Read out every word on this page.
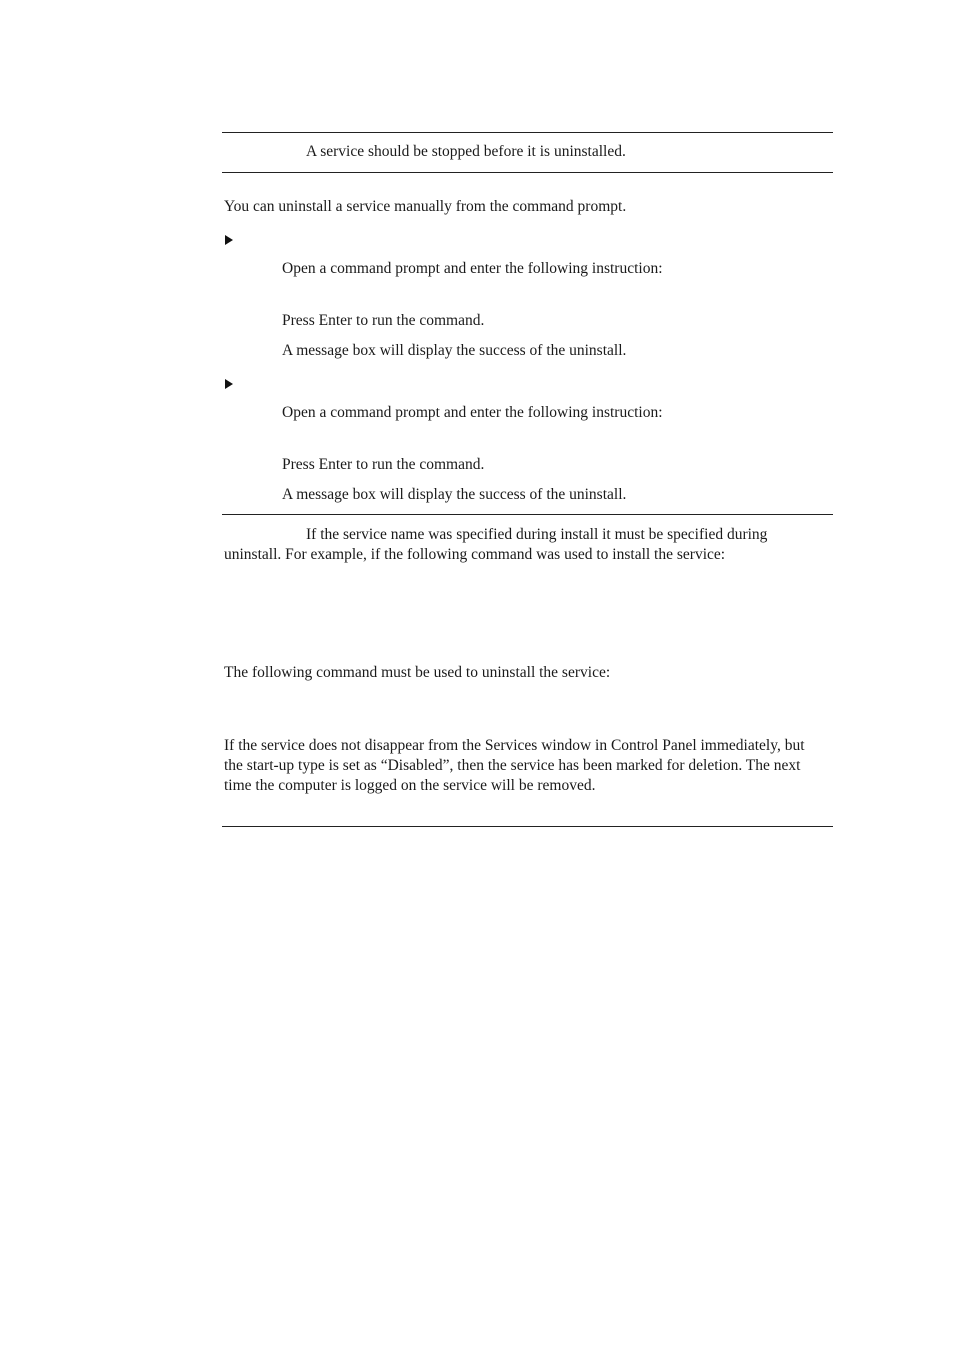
A service should be stopped before it is uninstalled.
You can uninstall a service manually from the command prompt.
Open a command prompt and enter the following instruction:
Press Enter to run the command.
A message box will display the success of the uninstall.
Open a command prompt and enter the following instruction:
Press Enter to run the command.
A message box will display the success of the uninstall.
If the service name was specified during install it must be specified during uninstall. For example, if the following command was used to install the service:
The following command must be used to uninstall the service:
If the service does not disappear from the Services window in Control Panel immediately, but the start-up type is set as “Disabled”, then the service has been marked for deletion. The next time the computer is logged on the service will be removed.
